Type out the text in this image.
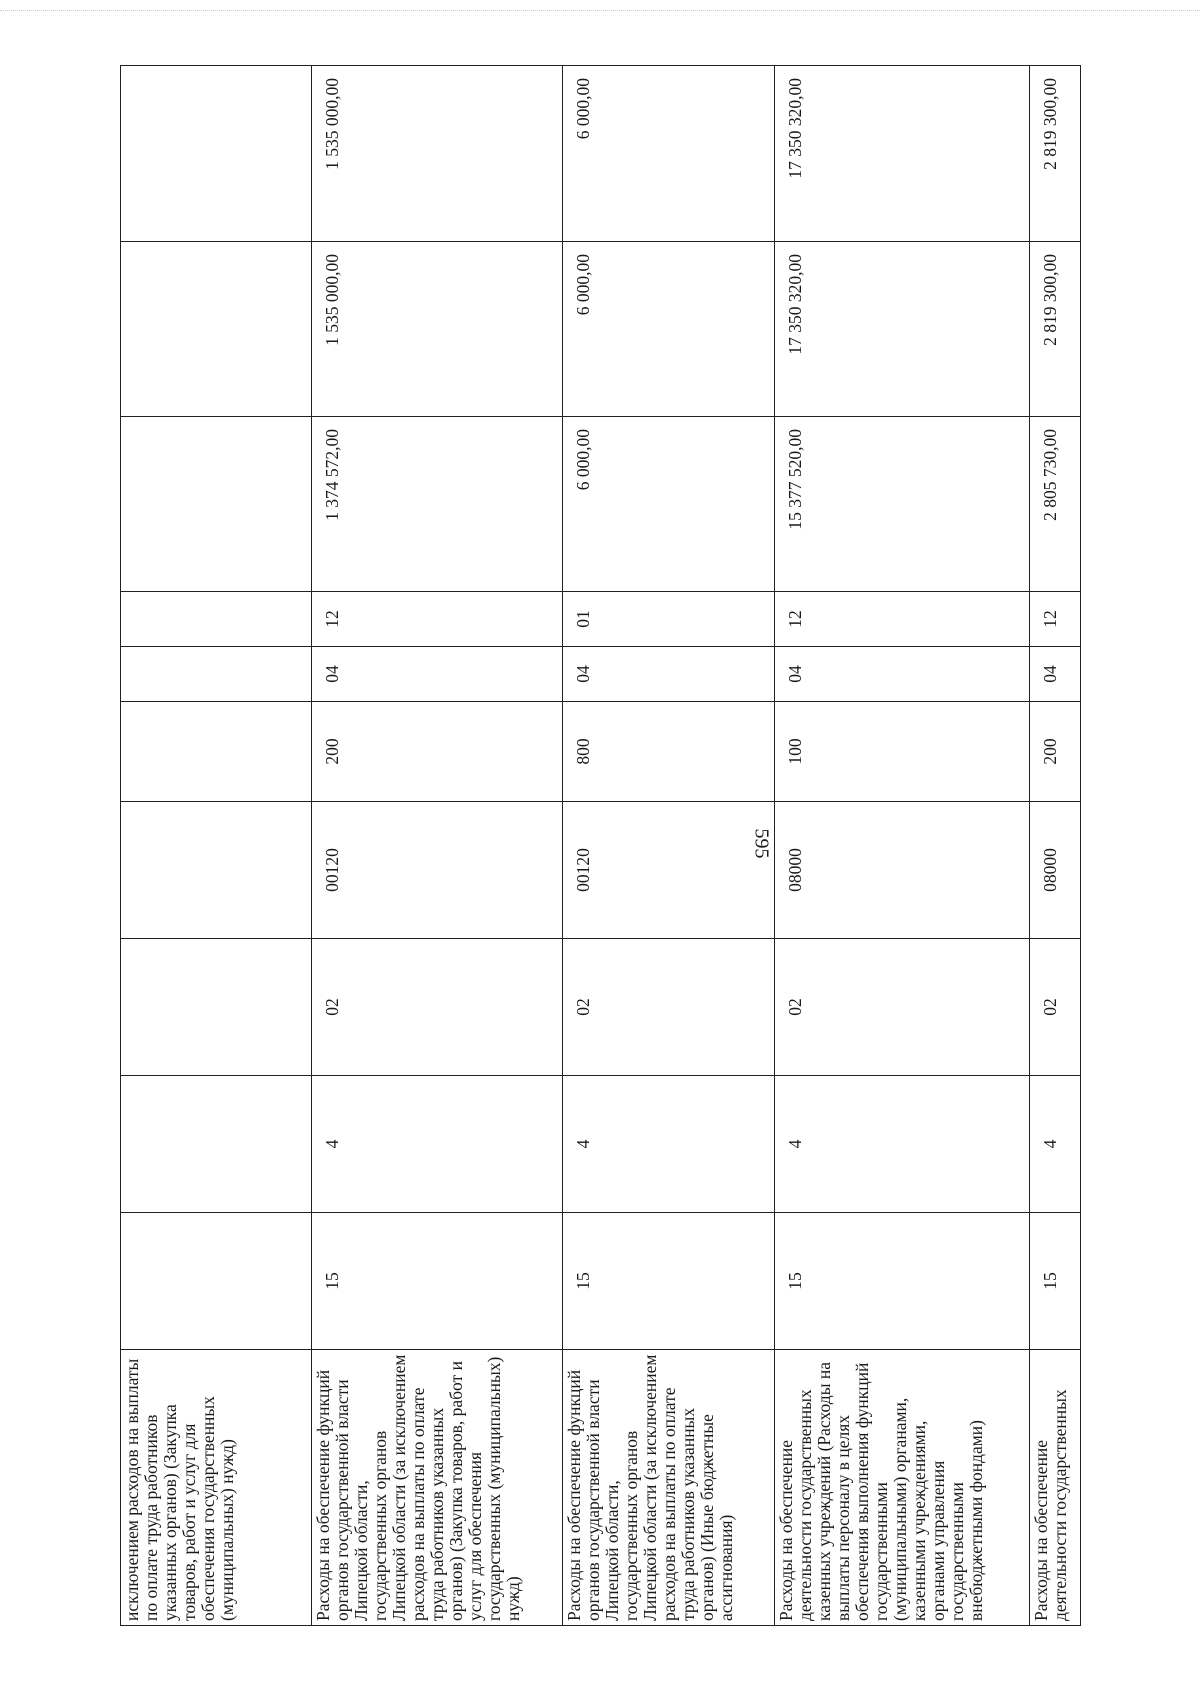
595
исключением расходов на выплаты по оплате труда работников указанных органов) (Закупка товаров, работ и услуг для обеспечения государственных (муниципальных) нужд)										
Расходы на обеспечение функций органов государственной власти Липецкой области, государственных органов Липецкой области (за исключением расходов на выплаты по оплате труда работников указанных органов) (Закупка товаров, работ и услуг для обеспечения государственных (муниципальных) нужд)	15	4	02	00120	200	04	12	1 374 572,00	1 535 000,00	1 535 000,00
Расходы на обеспечение функций органов государственной власти Липецкой области, государственных органов Липецкой области (за исключением расходов на выплаты по оплате труда работников указанных органов) (Иные бюджетные ассигнования)	15	4	02	00120	800	04	01	6 000,00	6 000,00	6 000,00
Расходы на обеспечение деятельности государственных казенных учреждений (Расходы на выплаты персоналу в целях обеспечения выполнения функций государственными (муниципальными) органами, казенными учреждениями, органами управления государственными внебюджетными фондами)	15	4	02	08000	100	04	12	15 377 520,00	17 350 320,00	17 350 320,00
Расходы на обеспечение деятельности государственных	15	4	02	08000	200	04	12	2 805 730,00	2 819 300,00	2 819 300,00
